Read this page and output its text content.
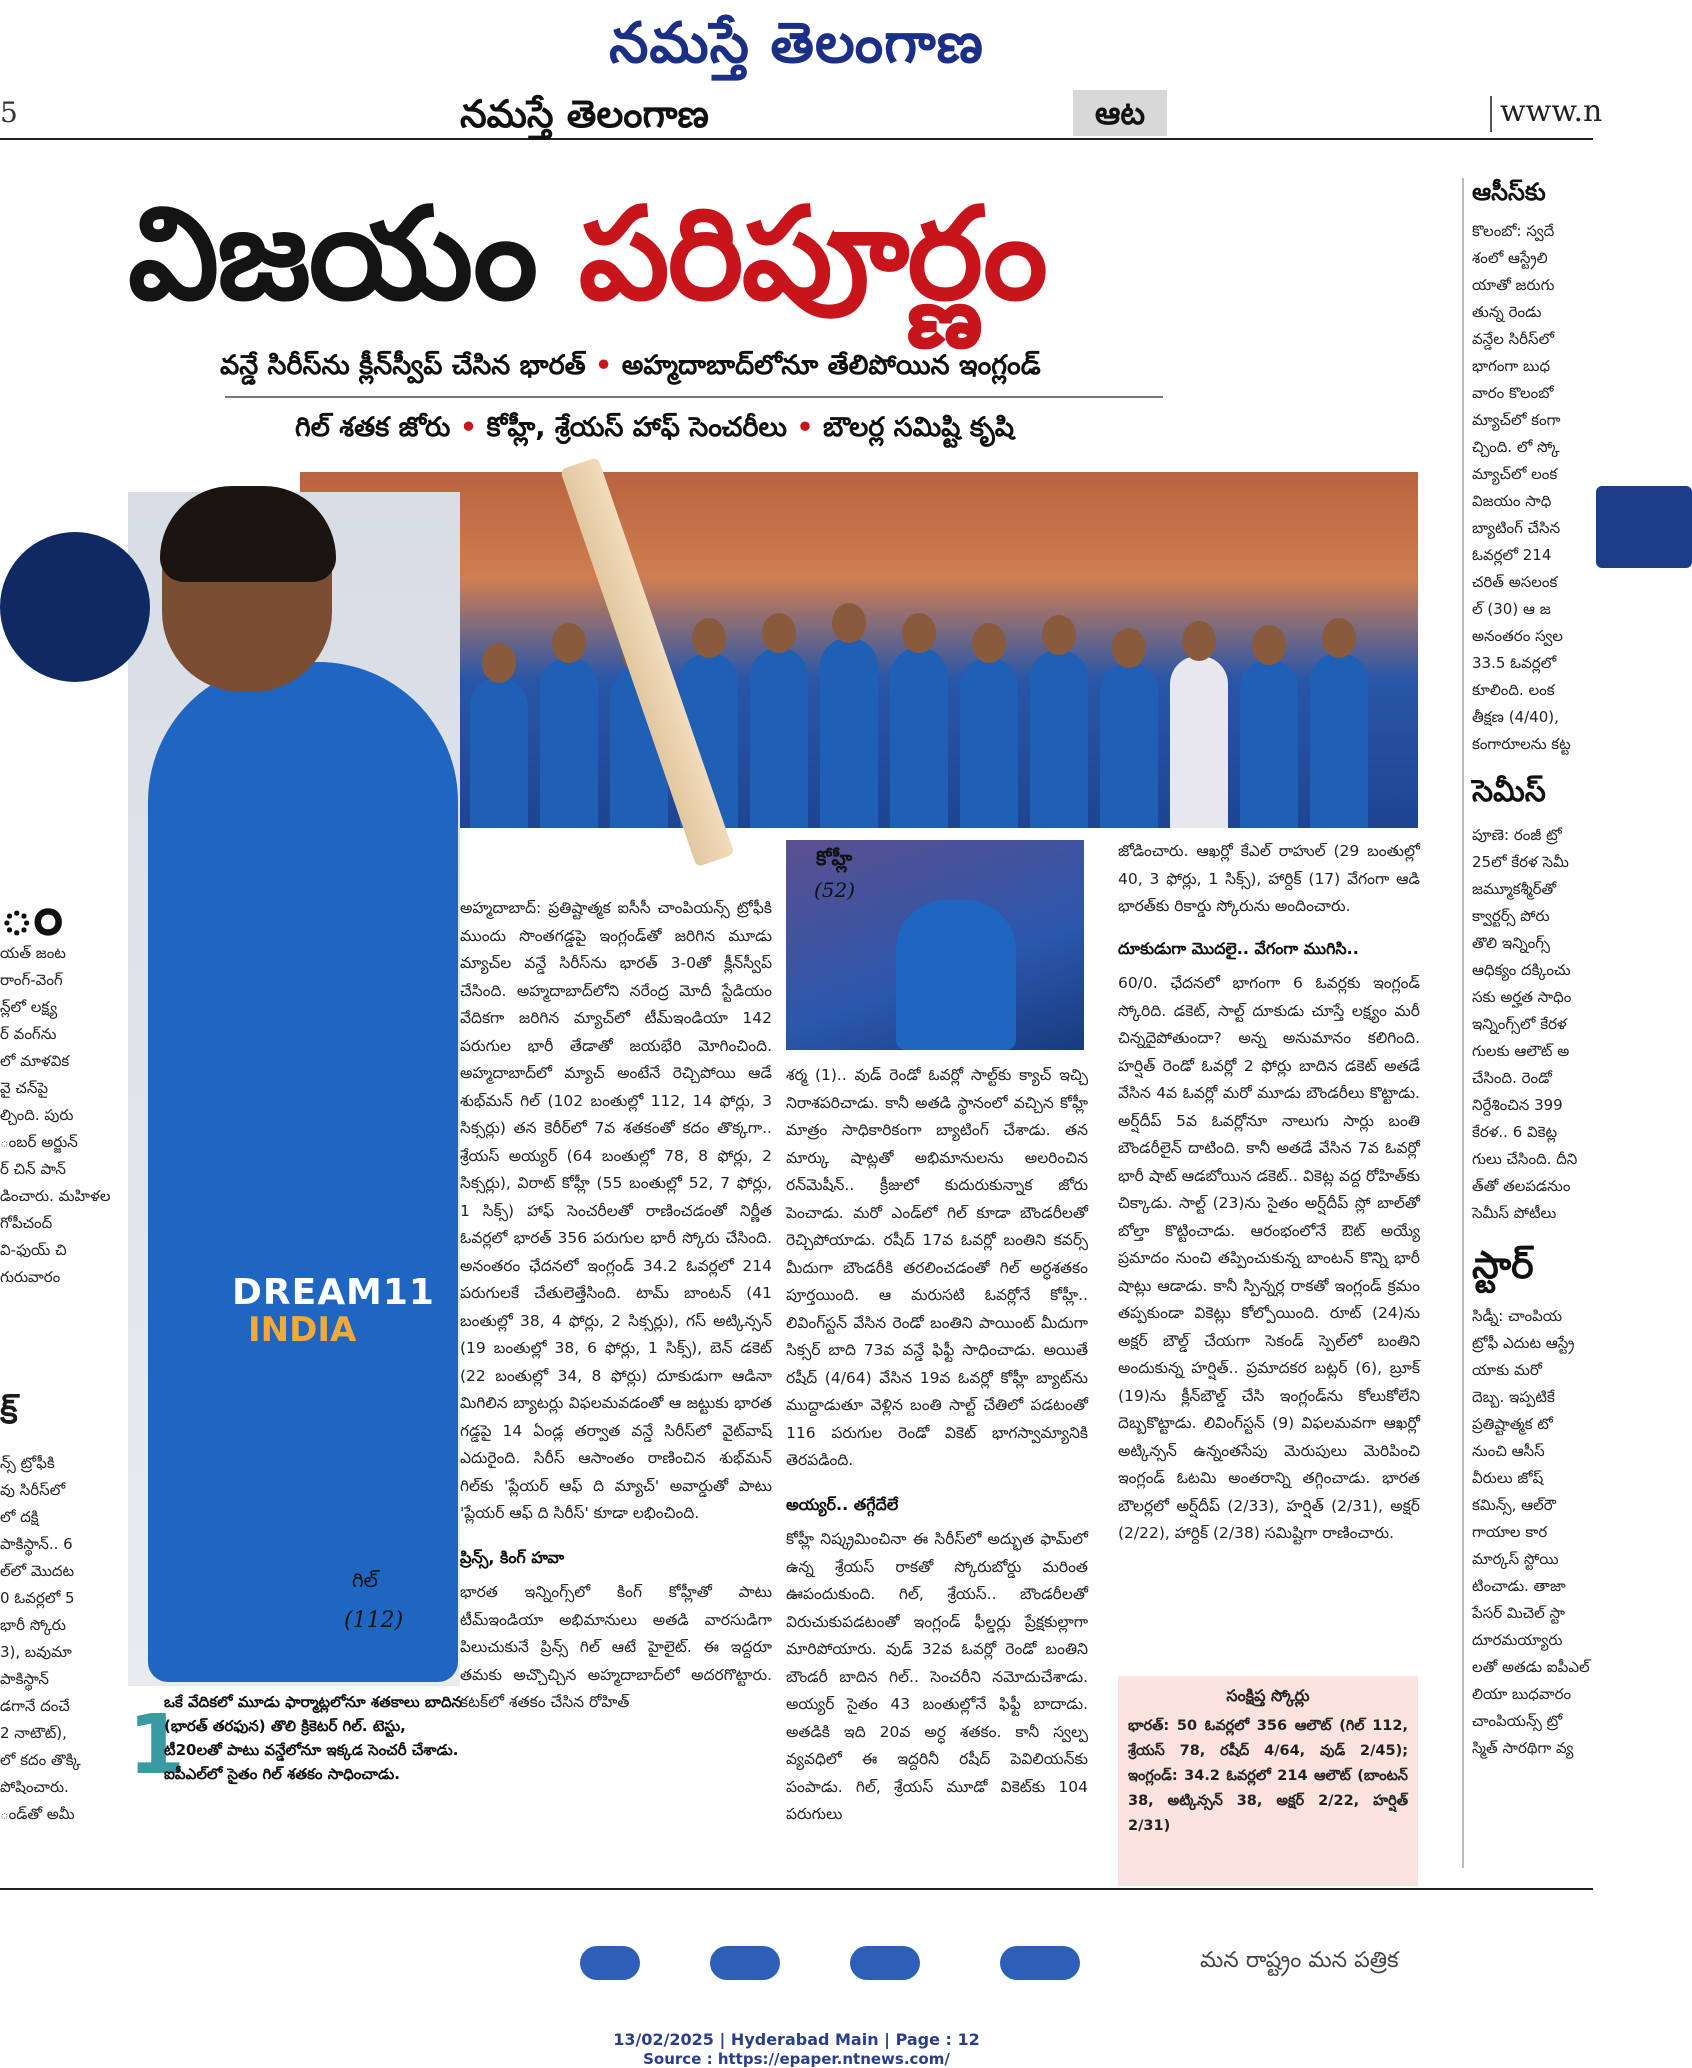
నమస్తే తెలంగాణ
5	నమస్తే తెలంగాణ	ఆట	www.n
విజయం పరిపూర్ణం
వన్డే సిరీస్‌ను క్లీన్‌స్వీప్ చేసిన భారత్ • అహ్మదాబాద్‌లోనూ తేలిపోయిన ఇంగ్లండ్
గిల్ శతక జోరు • కోహ్లీ, శ్రేయస్ హాఫ్ సెంచరీలు • బౌలర్ల సమిష్టి కృషి
DREAM11
INDIA
గిల్
(112)
1

ఒకే వేదికలో మూడు ఫార్మాట్లలోనూ శతకాలు బాదిన (భారత్ తరఫున) తొలి క్రికెటర్ గిల్. టెస్టు, టీ20లతో పాటు వన్డేలోనూ ఇక్కడ సెంచరీ చేశాడు. ఐపీఎల్‌లో సైతం గిల్ శతకం సాధించాడు.

కోహ్లీ
(52)

అహ్మదాబాద్: ప్రతిష్టాత్మక ఐసీసీ చాంపియన్స్ ట్రోఫీకి ముందు సొంతగడ్డపై ఇంగ్లండ్‌తో జరిగిన మూడు మ్యాచ్‌ల వన్డే సిరీస్‌ను భారత్ 3-0తో క్లీన్‌స్వీప్ చేసింది. అహ్మదాబాద్‌లోని నరేంద్ర మోదీ స్టేడియం వేదికగా జరిగిన మ్యాచ్‌లో టీమ్‌ఇండియా 142 పరుగుల భారీ తేడాతో జయభేరి మోగించింది. అహ్మదాబాద్‌లో మ్యాచ్ అంటేనే రెచ్చిపోయి ఆడే శుభ్‌మన్ గిల్ (102 బంతుల్లో 112, 14 ఫోర్లు, 3 సిక్సర్లు) తన కెరీర్‌లో 7వ శతకంతో కదం తొక్కగా.. శ్రేయస్ అయ్యర్ (64 బంతుల్లో 78, 8 ఫోర్లు, 2 సిక్సర్లు), విరాట్ కోహ్లీ (55 బంతుల్లో 52, 7 ఫోర్లు, 1 సిక్స్) హాఫ్ సెంచరీలతో రాణించడంతో నిర్ణీత ఓవర్లలో భారత్ 356 పరుగుల భారీ స్కోరు చేసింది. అనంతరం ఛేదనలో ఇంగ్లండ్ 34.2 ఓవర్లలో 214 పరుగులకే చేతులెత్తేసింది. టామ్ బాంటన్ (41 బంతుల్లో 38, 4 ఫోర్లు, 2 సిక్సర్లు), గస్ అట్కిన్సన్ (19 బంతుల్లో 38, 6 ఫోర్లు, 1 సిక్స్), బెన్ డకెట్ (22 బంతుల్లో 34, 8 ఫోర్లు) దూకుడుగా ఆడినా మిగిలిన బ్యాటర్లు విఫలమవడంతో ఆ జట్టుకు భారత గడ్డపై 14 ఏండ్ల తర్వాత వన్డే సిరీస్‌లో వైట్‌వాష్ ఎదురైంది. సిరీస్ ఆసాంతం రాణించిన శుభ్‌మన్ గిల్‌కు 'ప్లేయర్ ఆఫ్ ది మ్యాచ్' అవార్డుతో పాటు 'ప్లేయర్ ఆఫ్ ది సిరీస్' కూడా లభించింది.

ప్రిన్స్, కింగ్ హవా

భారత ఇన్నింగ్స్‌లో కింగ్ కోహ్లీతో పాటు టీమ్‌ఇండియా అభిమానులు అతడి వారసుడిగా పిలుచుకునే ప్రిన్స్ గిల్ ఆటే హైలైట్. ఈ ఇద్దరూ తమకు అచ్చొచ్చిన అహ్మదాబాద్‌లో అదరగొట్టారు. కటక్‌లో శతకం చేసిన రోహిత్

శర్మ (1).. వుడ్ రెండో ఓవర్లో సాల్ట్‌కు క్యాచ్ ఇచ్చి నిరాశపరిచాడు. కానీ అతడి స్థానంలో వచ్చిన కోహ్లీ మాత్రం సాధికారికంగా బ్యాటింగ్ చేశాడు. తన మార్కు షాట్లతో అభిమానులను అలరించిన రన్‌మెషీన్.. క్రీజులో కుదురుకున్నాక జోరు పెంచాడు. మరో ఎండ్‌లో గిల్ కూడా బౌండరీలతో రెచ్చిపోయాడు. రషీద్ 17వ ఓవర్లో బంతిని కవర్స్ మీదుగా బౌండరీకి తరలించడంతో గిల్ అర్ధశతకం పూర్తయింది. ఆ మరుసటి ఓవర్లోనే కోహ్లీ.. లివింగ్‌స్టన్ వేసిన రెండో బంతిని పాయింట్ మీదుగా సిక్సర్ బాది 73వ వన్డే ఫిఫ్టీ సాధించాడు. అయితే రషీద్ (4/64) వేసిన 19వ ఓవర్లో కోహ్లీ బ్యాట్‌ను ముద్దాడుతూ వెళ్లిన బంతి సాల్ట్ చేతిలో పడటంతో 116 పరుగుల రెండో వికెట్ భాగస్వామ్యానికి తెరపడింది.

అయ్యర్.. తగ్గేదేలే

కోహ్లీ నిష్క్రమించినా ఈ సిరీస్‌లో అద్భుత ఫామ్‌లో ఉన్న శ్రేయస్ రాకతో స్కోరుబోర్డు మరింత ఊపందుకుంది. గిల్, శ్రేయస్.. బౌండరీలతో విరుచుకుపడటంతో ఇంగ్లండ్ ఫీల్డర్లు ప్రేక్షకుల్లాగా మారిపోయారు. వుడ్ 32వ ఓవర్లో రెండో బంతిని బౌండరీ బాదిన గిల్.. సెంచరీని నమోదుచేశాడు. అయ్యర్ సైతం 43 బంతుల్లోనే ఫిఫ్టీ బాదాడు. అతడికి ఇది 20వ అర్ధ శతకం. కానీ స్వల్ప వ్యవధిలో ఈ ఇద్దరినీ రషీద్ పెవిలియన్‌కు పంపాడు. గిల్, శ్రేయస్ మూడో వికెట్‌కు 104 పరుగులు

జోడించారు. ఆఖర్లో కేఎల్ రాహుల్ (29 బంతుల్లో 40, 3 ఫోర్లు, 1 సిక్స్), హార్దిక్ (17) వేగంగా ఆడి భారత్‌కు రికార్డు స్కోరును అందించారు.

దూకుడుగా మొదలై.. వేగంగా ముగిసి..

60/0. ఛేదనలో భాగంగా 6 ఓవర్లకు ఇంగ్లండ్ స్కోరిది. డకెట్, సాల్ట్ దూకుడు చూస్తే లక్ష్యం మరీ చిన్నదైపోతుందా? అన్న అనుమానం కలిగింది. హర్షిత్ రెండో ఓవర్లో 2 ఫోర్లు బాదిన డకెట్ అతడే వేసిన 4వ ఓవర్లో మరో మూడు బౌండరీలు కొట్టాడు. అర్ష్‌దీప్ 5వ ఓవర్లోనూ నాలుగు సార్లు బంతి బౌండరీలైన్ దాటింది. కానీ అతడే వేసిన 7వ ఓవర్లో భారీ షాట్ ఆడబోయిన డకెట్.. వికెట్ల వద్ద రోహిత్‌కు చిక్కాడు. సాల్ట్ (23)ను సైతం అర్ష్‌దీప్ స్లో బాల్‌తో బోల్తా కొట్టించాడు. ఆరంభంలోనే ఔట్ అయ్యే ప్రమాదం నుంచి తప్పించుకున్న బాంటన్ కొన్ని భారీ షాట్లు ఆడాడు. కానీ స్పిన్నర్ల రాకతో ఇంగ్లండ్ క్రమం తప్పకుండా వికెట్లు కోల్పోయింది. రూట్ (24)ను అక్షర్ బౌల్డ్ చేయగా సెకండ్ స్పెల్‌లో బంతిని అందుకున్న హర్షిత్.. ప్రమాదకర బట్లర్ (6), బ్రూక్ (19)ను క్లీన్‌బౌల్డ్ చేసి ఇంగ్లండ్‌ను కోలుకోలేని దెబ్బకొట్టాడు. లివింగ్‌స్టన్ (9) విఫలమవగా ఆఖర్లో అట్కిన్సన్ ఉన్నంతసేపు మెరుపులు మెరిపించి ఇంగ్లండ్ ఓటమి అంతరాన్ని తగ్గించాడు. భారత బౌలర్లలో అర్ష్‌దీప్ (2/33), హర్షిత్ (2/31), అక్షర్ (2/22), హార్దిక్ (2/38) సమిష్టిగా రాణించారు.

సంక్షిప్త స్కోర్లు

భారత్: 50 ఓవర్లలో 356 ఆలౌట్ (గిల్ 112, శ్రేయస్ 78, రషీద్ 4/64, వుడ్ 2/45); ఇంగ్లండ్: 34.2 ఓవర్లలో 214 ఆలౌట్ (బాంటన్ 38, అట్కిన్సన్ 38, అక్షర్ 2/22, హర్షిత్ 2/31)

ం

యత్ జంట
రాంగ్-వెంగ్
న్ల్‌లో లక్ష్య
ర్ వంగ్‌ను
లో మాళవిక
వై చన్‌పై
ల్చింది. పురు
ంబర్ అర్జున్
ర్ చిన్ పాన్
డించారు. మహిళల
గోపీచంద్
వి-ఫుయ్ చి
గురువారం

క్

న్స్ ట్రోఫీకి
వు సిరీస్‌లో
లో దక్షి
పాకిస్థాన్.. 6
ల్‌లో మొదట
0 ఓవర్లలో 5
భారీ స్కోరు
3), బవుమా
పాకిస్థాన్
డగానే దంచే
2 నాటౌట్),
లో కదం తొక్కి
పోషించారు.
ండ్‌తో అమీ

ఆసీస్‌కు

కొలంబో: స్వదే
శంలో ఆస్ట్రేలి
యాతో జరుగు
తున్న రెండు
వన్డేల సిరీస్‌లో
భాగంగా బుధ
వారం కొలంబో
మ్యాచ్‌లో కంగా
చ్చింది. లో స్కో
మ్యాచ్‌లో లంక
విజయం సాధి
బ్యాటింగ్ చేసిన
ఓవర్లలో 214
చరిత్ అసలంక
ల్ (30) ఆ జ
అనంతరం స్వల
33.5 ఓవర్లలో
కూలింది. లంక
తీక్షణ (4/40),
కంగారూలను కట్ట

సెమీస్

పూణె: రంజీ ట్రో
25లో కేరళ సెమీ
జమ్మూకశ్మీర్‌తో
క్వార్టర్స్ పోరు
తొలి ఇన్నింగ్స్
ఆధిక్యం దక్కించు
సకు అర్హత సాధిం
ఇన్నింగ్స్‌లో కేరళ
గులకు ఆలౌట్ అ
చేసింది. రెండో
నిర్దేశించిన 399
కేరళ.. 6 వికెట్ల
గులు చేసింది. దీని
త్‌తో తలపడనుం
సెమీస్ పోటీలు

స్టార్

సిడ్నీ: చాంపియ
ట్రోఫీ ఎదుట ఆస్ట్రే
యాకు మరో
దెబ్బ. ఇప్పటికే
ప్రతిష్టాత్మక టో
నుంచి ఆసీస్
వీరులు జోష్
కమిన్స్, ఆల్‌రౌ
గాయాల కార
మార్కస్ స్టోయి
టించాడు. తాజా
పేసర్ మిచెల్ స్టా
దూరమయ్యారు
లతో అతడు ఐపీఎల్
లియా బుధవారం
చాంపియన్స్ ట్రో
స్మిత్ సారథిగా వ్య

మన రాష్ట్రం మన పత్రిక
13/02/2025 | Hyderabad Main | Page : 12
Source : https://epaper.ntnews.com/
